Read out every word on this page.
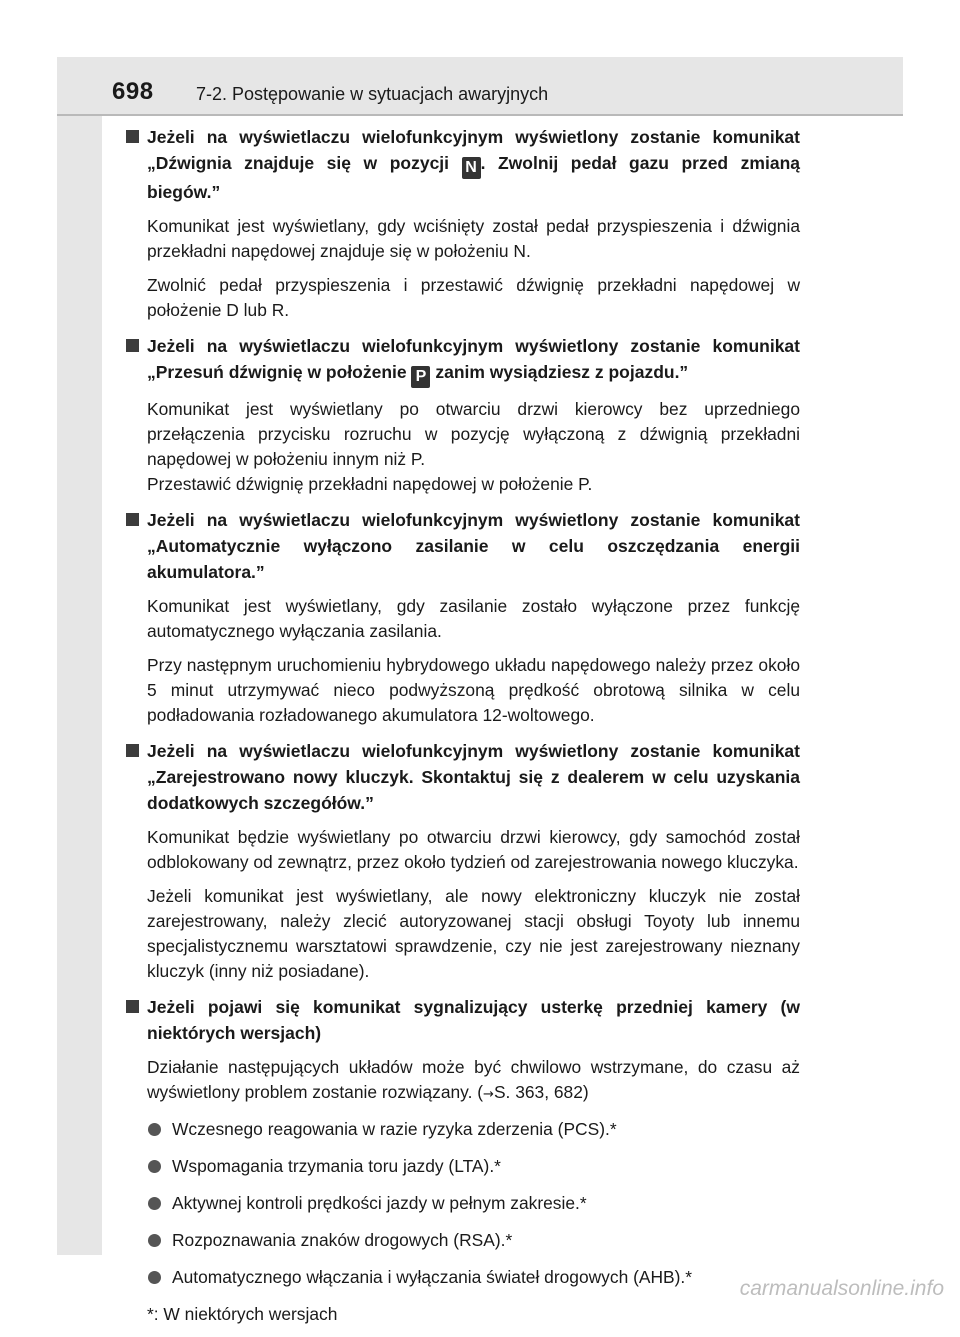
698 7-2. Postępowanie w sytuacjach awaryjnych
Jeżeli na wyświetlaczu wielofunkcyjnym wyświetlony zostanie komunikat „Dźwignia znajduje się w pozycji N . Zwolnij pedał gazu przed zmianą biegów.”
Komunikat jest wyświetlany, gdy wciśnięty został pedał przyspieszenia i dźwignia przekładni napędowej znajduje się w położeniu N.
Zwolnić pedał przyspieszenia i przestawić dźwignię przekładni napędowej w położenie D lub R.
Jeżeli na wyświetlaczu wielofunkcyjnym wyświetlony zostanie komunikat „Przesuń dźwignię w położenie P zanim wysiądziesz z pojazdu.”
Komunikat jest wyświetlany po otwarciu drzwi kierowcy bez uprzedniego przełączenia przycisku rozruchu w pozycję wyłączoną z dźwignią przekładni napędowej w położeniu innym niż P.
Przestawić dźwignię przekładni napędowej w położenie P.
Jeżeli na wyświetlaczu wielofunkcyjnym wyświetlony zostanie komunikat „Automatycznie wyłączono zasilanie w celu oszczędzania energii akumulatora.”
Komunikat jest wyświetlany, gdy zasilanie zostało wyłączone przez funkcję automatycznego wyłączania zasilania.
Przy następnym uruchomieniu hybrydowego układu napędowego należy przez około 5 minut utrzymywać nieco podwyższoną prędkość obrotową silnika w celu podładowania rozładowanego akumulatora 12-woltowego.
Jeżeli na wyświetlaczu wielofunkcyjnym wyświetlony zostanie komunikat „Zarejestrowano nowy kluczyk. Skontaktuj się z dealerem w celu uzyskania dodatkowych szczegółów.”
Komunikat będzie wyświetlany po otwarciu drzwi kierowcy, gdy samochód został odblokowany od zewnątrz, przez około tydzień od zarejestrowania nowego kluczyka.
Jeżeli komunikat jest wyświetlany, ale nowy elektroniczny kluczyk nie został zarejestrowany, należy zlecić autoryzowanej stacji obsługi Toyoty lub innemu specjalistycznemu warsztatowi sprawdzenie, czy nie jest zarejestrowany nieznany kluczyk (inny niż posiadane).
Jeżeli pojawi się komunikat sygnalizujący usterkę przedniej kamery (w niektórych wersjach)
Działanie następujących układów może być chwilowo wstrzymane, do czasu aż wyświetlony problem zostanie rozwiązany. (→S. 363, 682)
Wczesnego reagowania w razie ryzyka zderzenia (PCS).*
Wspomagania trzymania toru jazdy (LTA).*
Aktywnej kontroli prędkości jazdy w pełnym zakresie.*
Rozpoznawania znaków drogowych (RSA).*
Automatycznego włączania i wyłączania świateł drogowych (AHB).*
*: W niektórych wersjach
carmanualsonline.info
